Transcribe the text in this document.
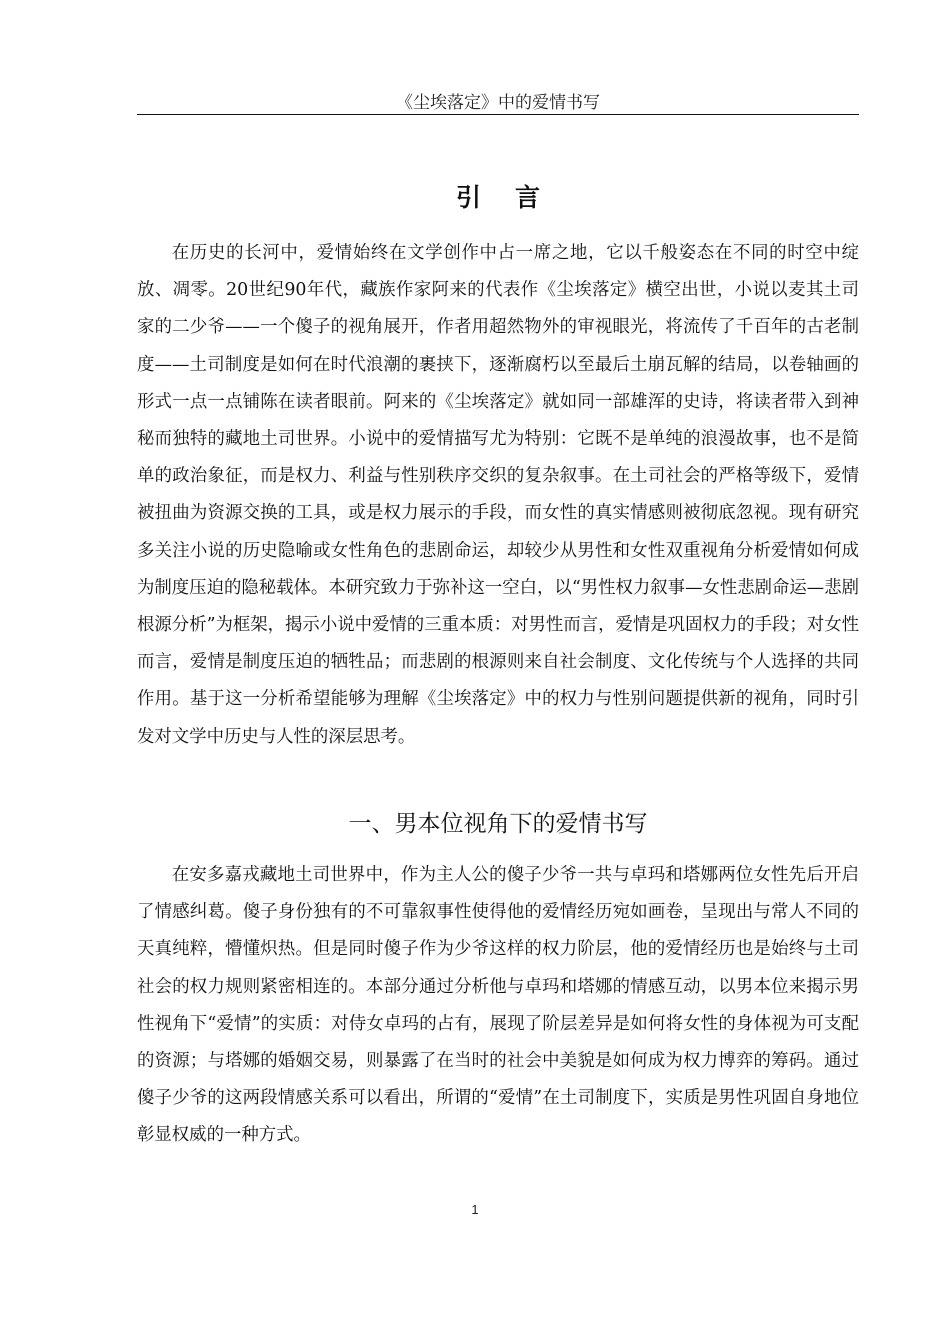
《尘埃落定》中的爱情书写
引言

在历史的长河中，爱情始终在文学创作中占一席之地，它以千般姿态在不同的时空中绽放、凋零。20世纪90年代，藏族作家阿来的代表作《尘埃落定》横空出世，小说以麦其土司家的二少爷——一个傻子的视角展开，作者用超然物外的审视眼光，将流传了千百年的古老制度——土司制度是如何在时代浪潮的裹挟下，逐渐腐朽以至最后土崩瓦解的结局，以卷轴画的形式一点一点铺陈在读者眼前。阿来的《尘埃落定》就如同一部雄浑的史诗，将读者带入到神秘而独特的藏地土司世界。小说中的爱情描写尤为特别：它既不是单纯的浪漫故事，也不是简单的政治象征，而是权力、利益与性别秩序交织的复杂叙事。在土司社会的严格等级下，爱情被扭曲为资源交换的工具，或是权力展示的手段，而女性的真实情感则被彻底忽视。现有研究多关注小说的历史隐喻或女性角色的悲剧命运，却较少从男性和女性双重视角分析爱情如何成为制度压迫的隐秘载体。本研究致力于弥补这一空白，以“男性权力叙事—女性悲剧命运—悲剧根源分析”为框架，揭示小说中爱情的三重本质：对男性而言，爱情是巩固权力的手段；对女性而言，爱情是制度压迫的牺牲品；而悲剧的根源则来自社会制度、文化传统与个人选择的共同作用。基于这一分析希望能够为理解《尘埃落定》中的权力与性别问题提供新的视角，同时引发对文学中历史与人性的深层思考。

一、男本位视角下的爱情书写

在安多嘉戎藏地土司世界中，作为主人公的傻子少爷一共与卓玛和塔娜两位女性先后开启了情感纠葛。傻子身份独有的不可靠叙事性使得他的爱情经历宛如画卷，呈现出与常人不同的天真纯粹，懵懂炽热。但是同时傻子作为少爷这样的权力阶层，他的爱情经历也是始终与土司社会的权力规则紧密相连的。本部分通过分析他与卓玛和塔娜的情感互动，以男本位来揭示男性视角下“爱情”的实质：对侍女卓玛的占有，展现了阶层差异是如何将女性的身体视为可支配的资源；与塔娜的婚姻交易，则暴露了在当时的社会中美貌是如何成为权力博弈的筹码。通过傻子少爷的这两段情感关系可以看出，所谓的“爱情”在土司制度下，实质是男性巩固自身地位彰显权威的一种方式。

1
